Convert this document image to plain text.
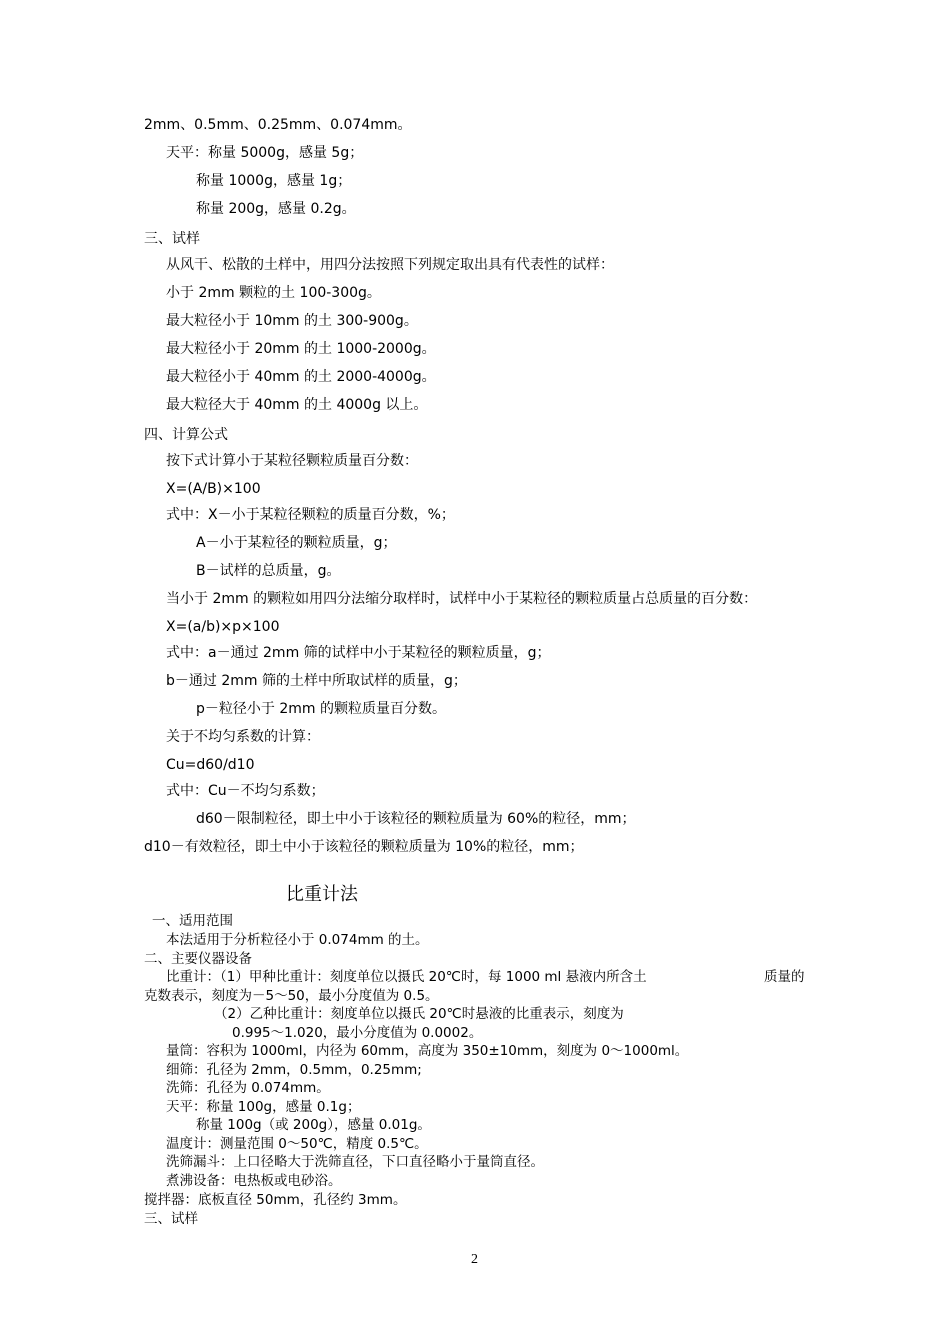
2mm、0.5mm、0.25mm、0.074mm。
天平：称量 5000g，感量 5g；
称量 1000g，感量 1g；
称量 200g，感量 0.2g。
三、试样
从风干、松散的土样中，用四分法按照下列规定取出具有代表性的试样：
小于 2mm 颗粒的土 100-300g。
最大粒径小于 10mm 的土 300-900g。
最大粒径小于 20mm 的土 1000-2000g。
最大粒径小于 40mm 的土 2000-4000g。
最大粒径大于 40mm 的土 4000g 以上。
四、计算公式
按下式计算小于某粒径颗粒质量百分数：
X=(A/B)×100
式中：X－小于某粒径颗粒的质量百分数，%；
A－小于某粒径的颗粒质量，g；
B－试样的总质量，g。
当小于 2mm 的颗粒如用四分法缩分取样时，试样中小于某粒径的颗粒质量占总质量的百分数：
X=(a/b)×p×100
式中：a－通过 2mm 筛的试样中小于某粒径的颗粒质量，g；
b－通过 2mm 筛的土样中所取试样的质量，g；
p－粒径小于 2mm 的颗粒质量百分数。
关于不均匀系数的计算：
Cu=d60/d10
式中：Cu－不均匀系数；
d60－限制粒径，即土中小于该粒径的颗粒质量为 60%的粒径，mm；
d10－有效粒径，即土中小于该粒径的颗粒质量为 10%的粒径，mm；
比重计法
一、适用范围
本法适用于分析粒径小于 0.074mm 的土。
二、主要仪器设备
比重计：（1）甲种比重计：刻度单位以摄氏 20℃时，每 1000 ml 悬液内所含土	质量的
克数表示，刻度为－5～50，最小分度值为 0.5。
（2）乙种比重计：刻度单位以摄氏 20℃时悬液的比重表示，刻度为
0.995～1.020，最小分度值为 0.0002。
量筒：容积为 1000ml，内径为 60mm，高度为 350±10mm，刻度为 0～1000ml。
细筛：孔径为 2mm，0.5mm，0.25mm;
洗筛：孔径为 0.074mm。
天平：称量 100g，感量 0.1g；
称量 100g（或 200g），感量 0.01g。
温度计：测量范围 0～50℃，精度 0.5℃。
洗筛漏斗：上口径略大于洗筛直径，下口直径略小于量筒直径。
煮沸设备：电热板或电砂浴。
搅拌器：底板直径 50mm，孔径约 3mm。
三、试样
2
